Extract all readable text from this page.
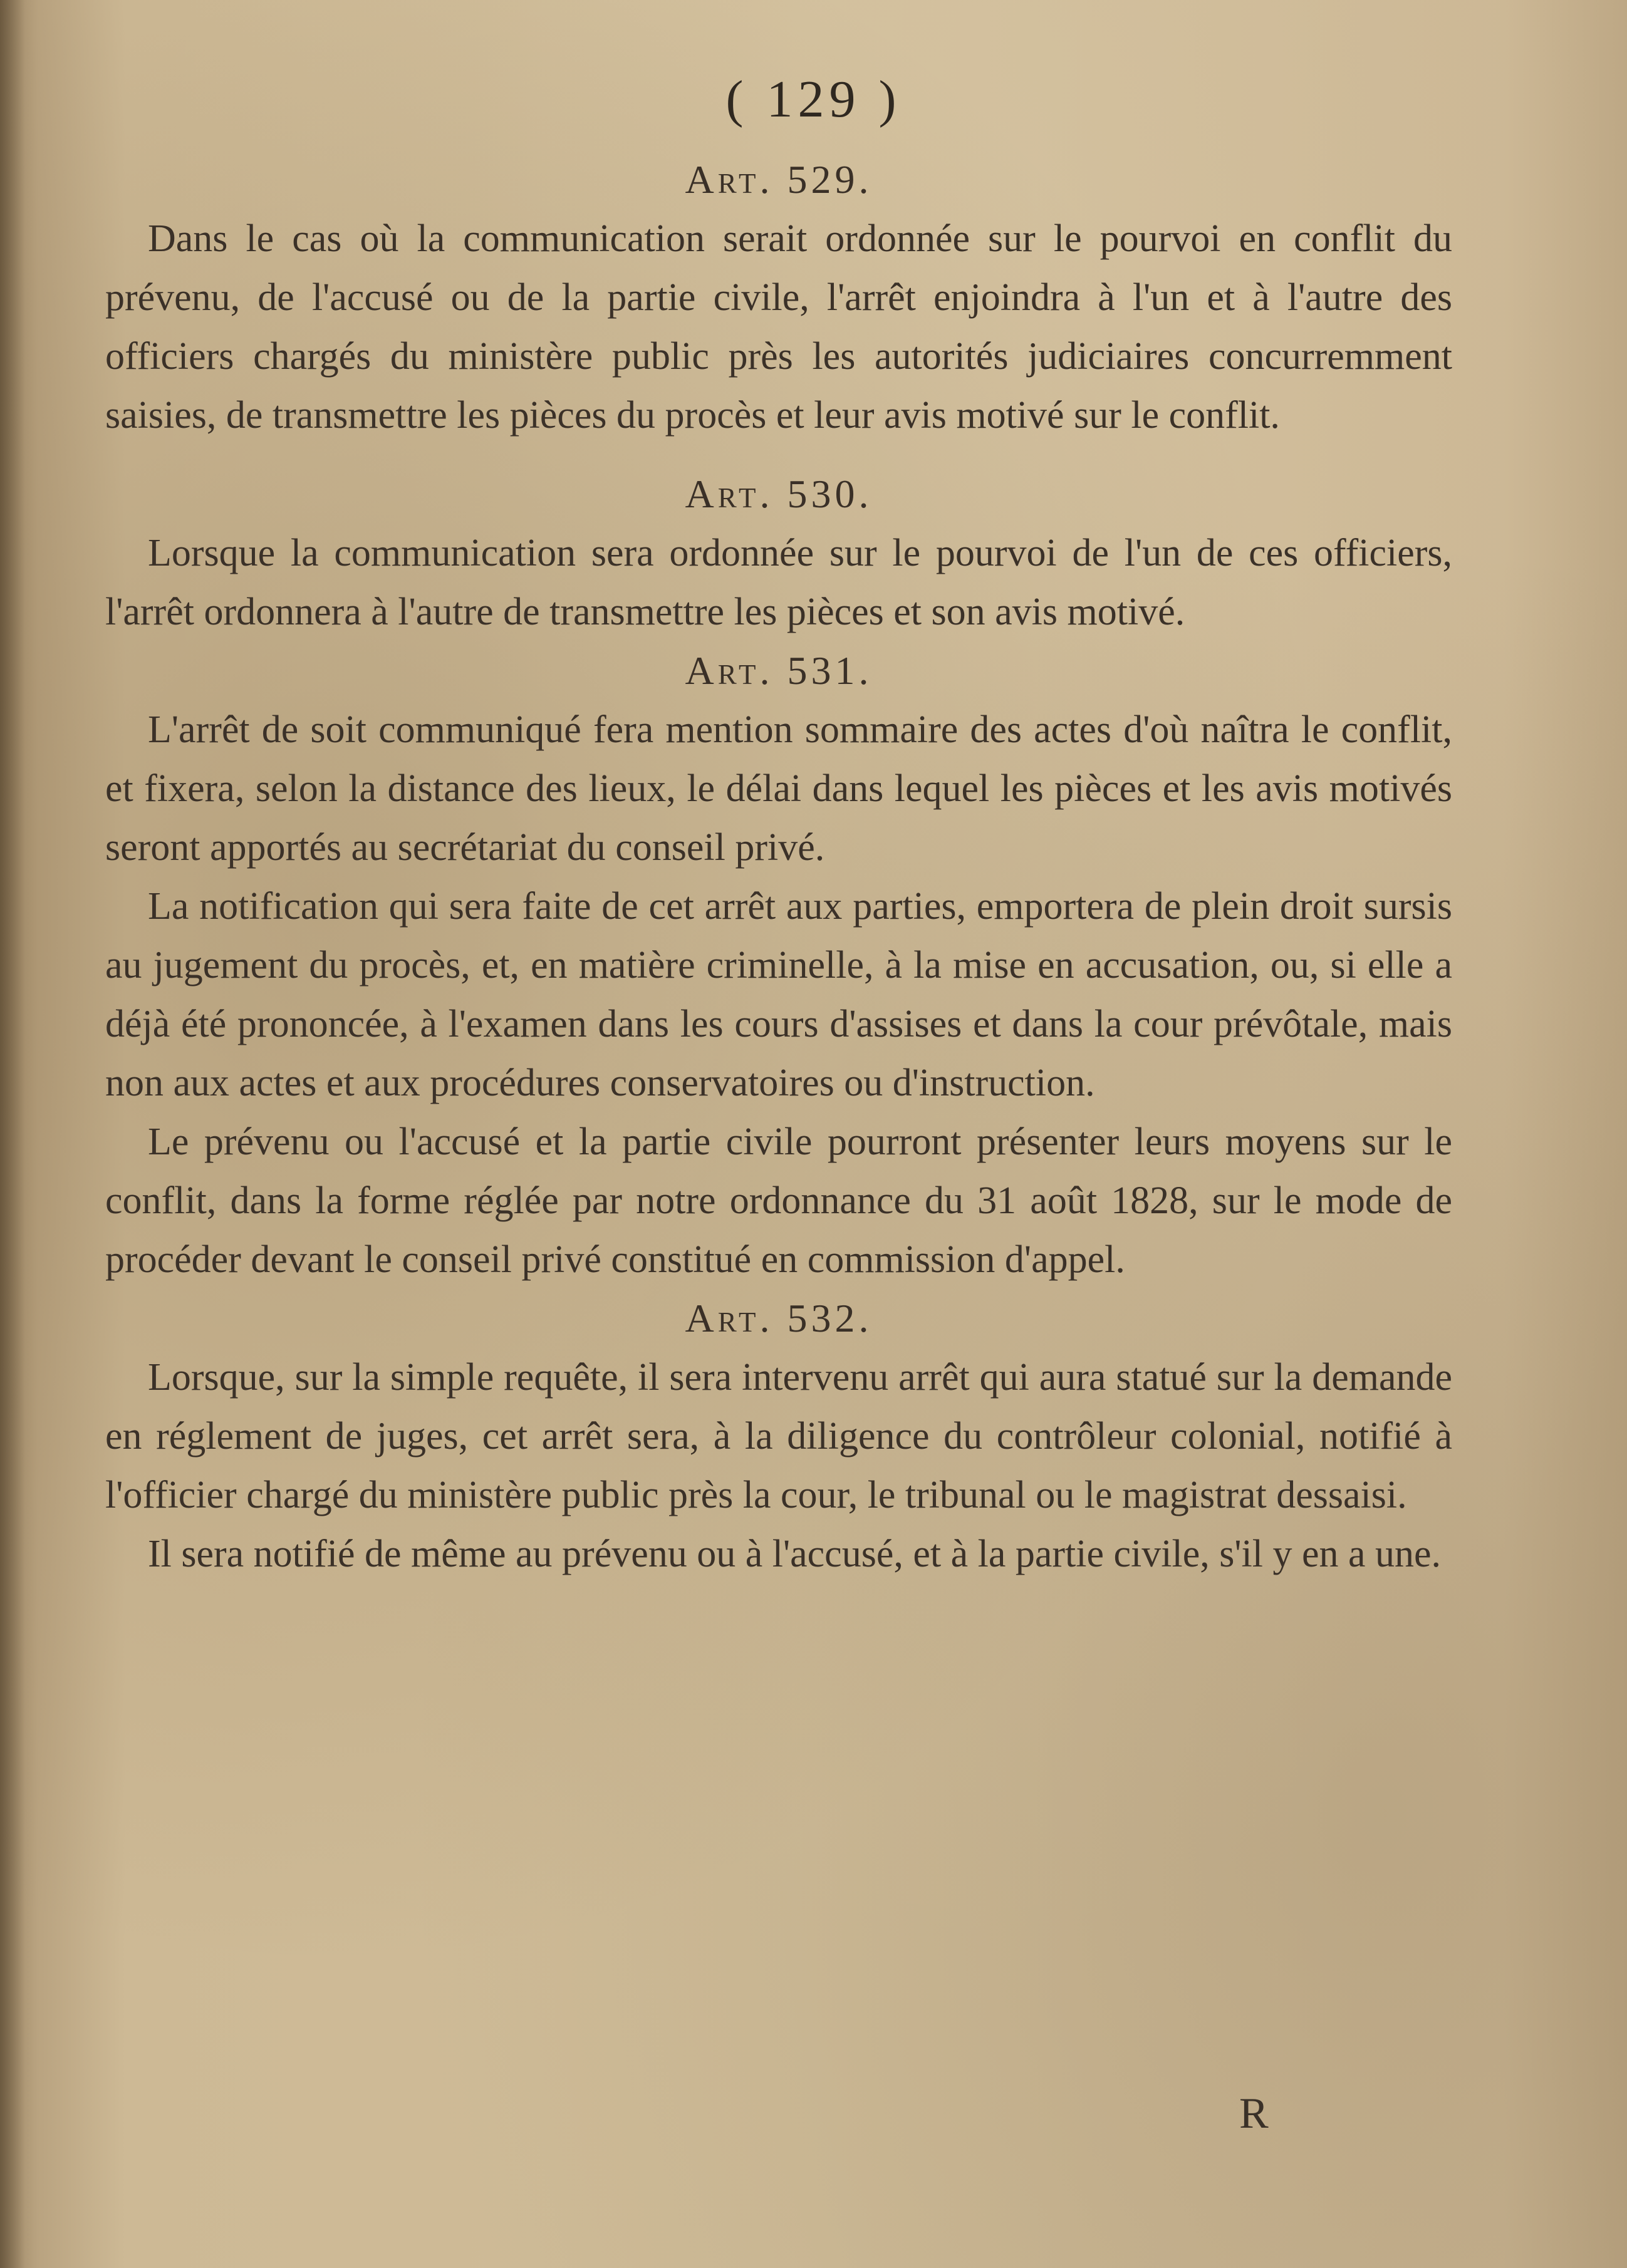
( 129 )
Art. 529.

Dans le cas où la communication serait ordonnée sur le pourvoi en conflit du prévenu, de l'accusé ou de la partie civile, l'arrêt enjoindra à l'un et à l'autre des officiers chargés du ministère public près les autorités judiciaires concurremment saisies, de transmettre les pièces du procès et leur avis motivé sur le conflit.

Art. 530.

Lorsque la communication sera ordonnée sur le pourvoi de l'un de ces officiers, l'arrêt ordonnera à l'autre de transmettre les pièces et son avis motivé.

Art. 531.

L'arrêt de soit communiqué fera mention sommaire des actes d'où naîtra le conflit, et fixera, selon la distance des lieux, le délai dans lequel les pièces et les avis motivés seront apportés au secrétariat du conseil privé.

La notification qui sera faite de cet arrêt aux parties, emportera de plein droit sursis au jugement du procès, et, en matière criminelle, à la mise en accusation, ou, si elle a déjà été prononcée, à l'examen dans les cours d'assises et dans la cour prévôtale, mais non aux actes et aux procédures conservatoires ou d'instruction.

Le prévenu ou l'accusé et la partie civile pourront présenter leurs moyens sur le conflit, dans la forme réglée par notre ordonnance du 31 août 1828, sur le mode de procéder devant le conseil privé constitué en commission d'appel.

Art. 532.

Lorsque, sur la simple requête, il sera intervenu arrêt qui aura statué sur la demande en réglement de juges, cet arrêt sera, à la diligence du contrôleur colonial, notifié à l'officier chargé du ministère public près la cour, le tribunal ou le magistrat dessaisi.

Il sera notifié de même au prévenu ou à l'accusé, et à la partie civile, s'il y en a une.

R
